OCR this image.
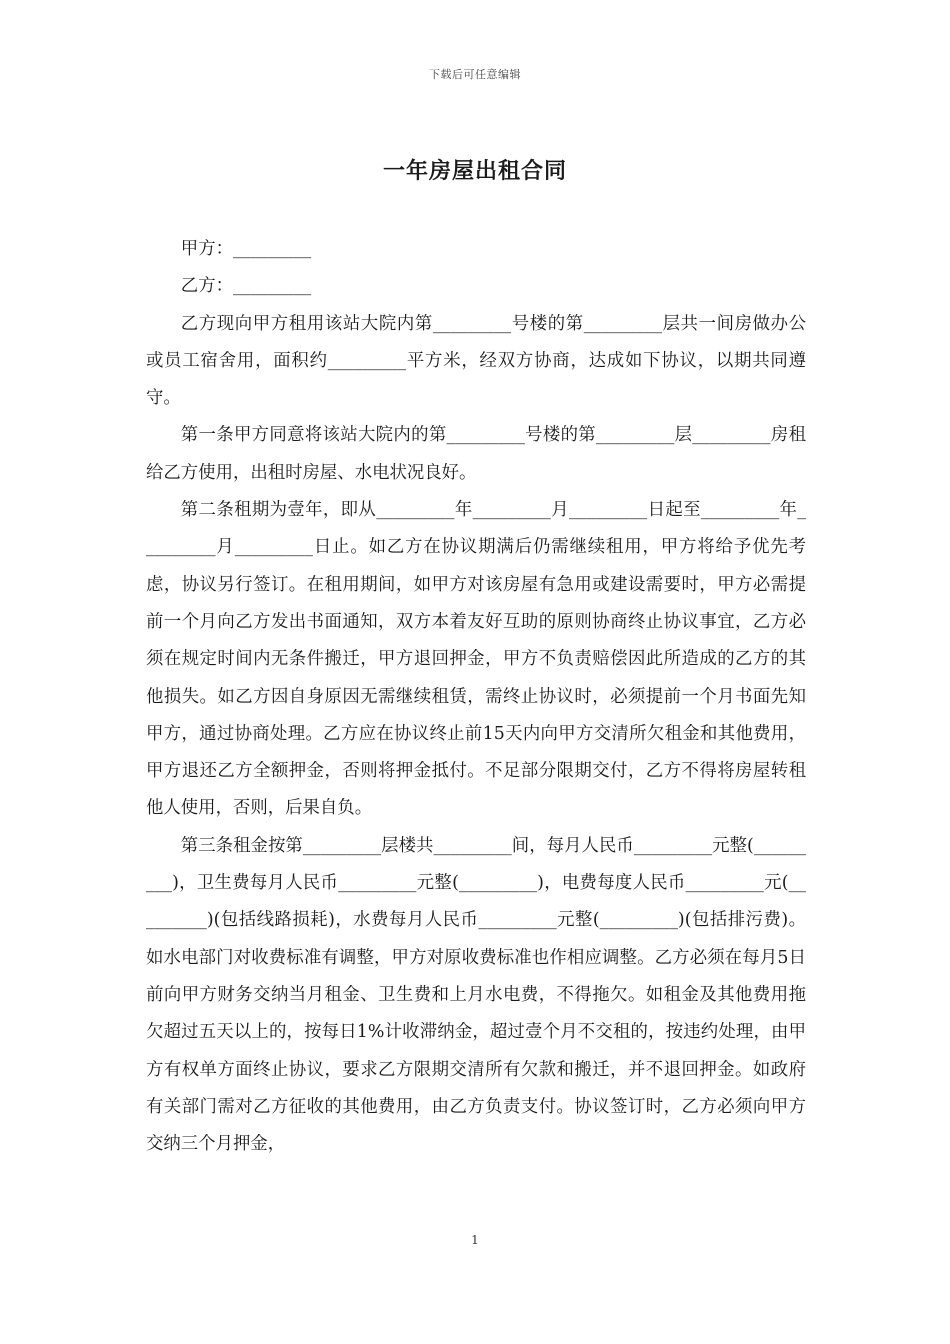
下载后可任意编辑
一年房屋出租合同

甲方：_________

乙方：_________

乙方现向甲方租用该站大院内第_________号楼的第_________层共一间房做办公或员工宿舍用，面积约_________平方米，经双方协商，达成如下协议，以期共同遵守。

第一条甲方同意将该站大院内的第_________号楼的第_________层_________房租给乙方使用，出租时房屋、水电状况良好。

第二条租期为壹年，即从_________年_________月_________日起至_________年_________月_________日止。如乙方在协议期满后仍需继续租用，甲方将给予优先考虑，协议另行签订。在租用期间，如甲方对该房屋有急用或建设需要时，甲方必需提前一个月向乙方发出书面通知，双方本着友好互助的原则协商终止协议事宜，乙方必须在规定时间内无条件搬迁，甲方退回押金，甲方不负责赔偿因此所造成的乙方的其他损失。如乙方因自身原因无需继续租赁，需终止协议时，必须提前一个月书面先知甲方，通过协商处理。乙方应在协议终止前15天内向甲方交清所欠租金和其他费用，甲方退还乙方全额押金，否则将押金抵付。不足部分限期交付，乙方不得将房屋转租他人使用，否则，后果自负。

第三条租金按第_________层楼共_________间，每月人民币_________元整(_________)，卫生费每月人民币_________元整(_________)，电费每度人民币_________元(_________)(包括线路损耗)，水费每月人民币_________元整(_________)(包括排污费)。如水电部门对收费标准有调整，甲方对原收费标准也作相应调整。乙方必须在每月5日前向甲方财务交纳当月租金、卫生费和上月水电费，不得拖欠。如租金及其他费用拖欠超过五天以上的，按每日1%计收滞纳金，超过壹个月不交租的，按违约处理，由甲方有权单方面终止协议，要求乙方限期交清所有欠款和搬迁，并不退回押金。如政府有关部门需对乙方征收的其他费用，由乙方负责支付。协议签订时，乙方必须向甲方交纳三个月押金，

1
